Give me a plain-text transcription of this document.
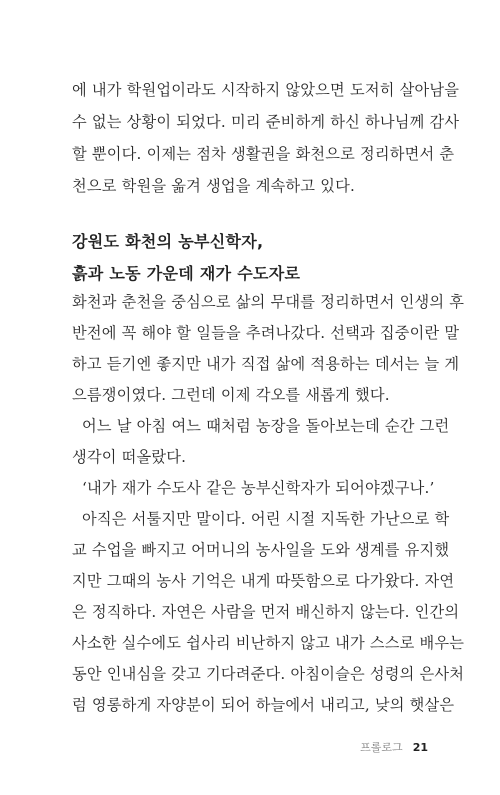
에 내가 학원업이라도 시작하지 않았으면 도저히 살아남을
수 없는 상황이 되었다. 미리 준비하게 하신 하나님께 감사
할 뿐이다. 이제는 점차 생활권을 화천으로 정리하면서 춘
천으로 학원을 옮겨 생업을 계속하고 있다.
강원도 화천의 농부신학자,
흙과 노동 가운데 재가 수도자로
화천과 춘천을 중심으로 삶의 무대를 정리하면서 인생의 후
반전에 꼭 해야 할 일들을 추려나갔다. 선택과 집중이란 말
하고 듣기엔 좋지만 내가 직접 삶에 적용하는 데서는 늘 게
으름쟁이였다. 그런데 이제 각오를 새롭게 했다.
어느 날 아침 여느 때처럼 농장을 돌아보는데 순간 그런
생각이 떠올랐다.
‘내가 재가 수도사 같은 농부신학자가 되어야겠구나.’
아직은 서툴지만 말이다. 어린 시절 지독한 가난으로 학
교 수업을 빠지고 어머니의 농사일을 도와 생계를 유지했
지만 그때의 농사 기억은 내게 따뜻함으로 다가왔다. 자연
은 정직하다. 자연은 사람을 먼저 배신하지 않는다. 인간의
사소한 실수에도 쉽사리 비난하지 않고 내가 스스로 배우는
동안 인내심을 갖고 기다려준다. 아침이슬은 성령의 은사처
럼 영롱하게 자양분이 되어 하늘에서 내리고, 낮의 햇살은
프롤로그 21
